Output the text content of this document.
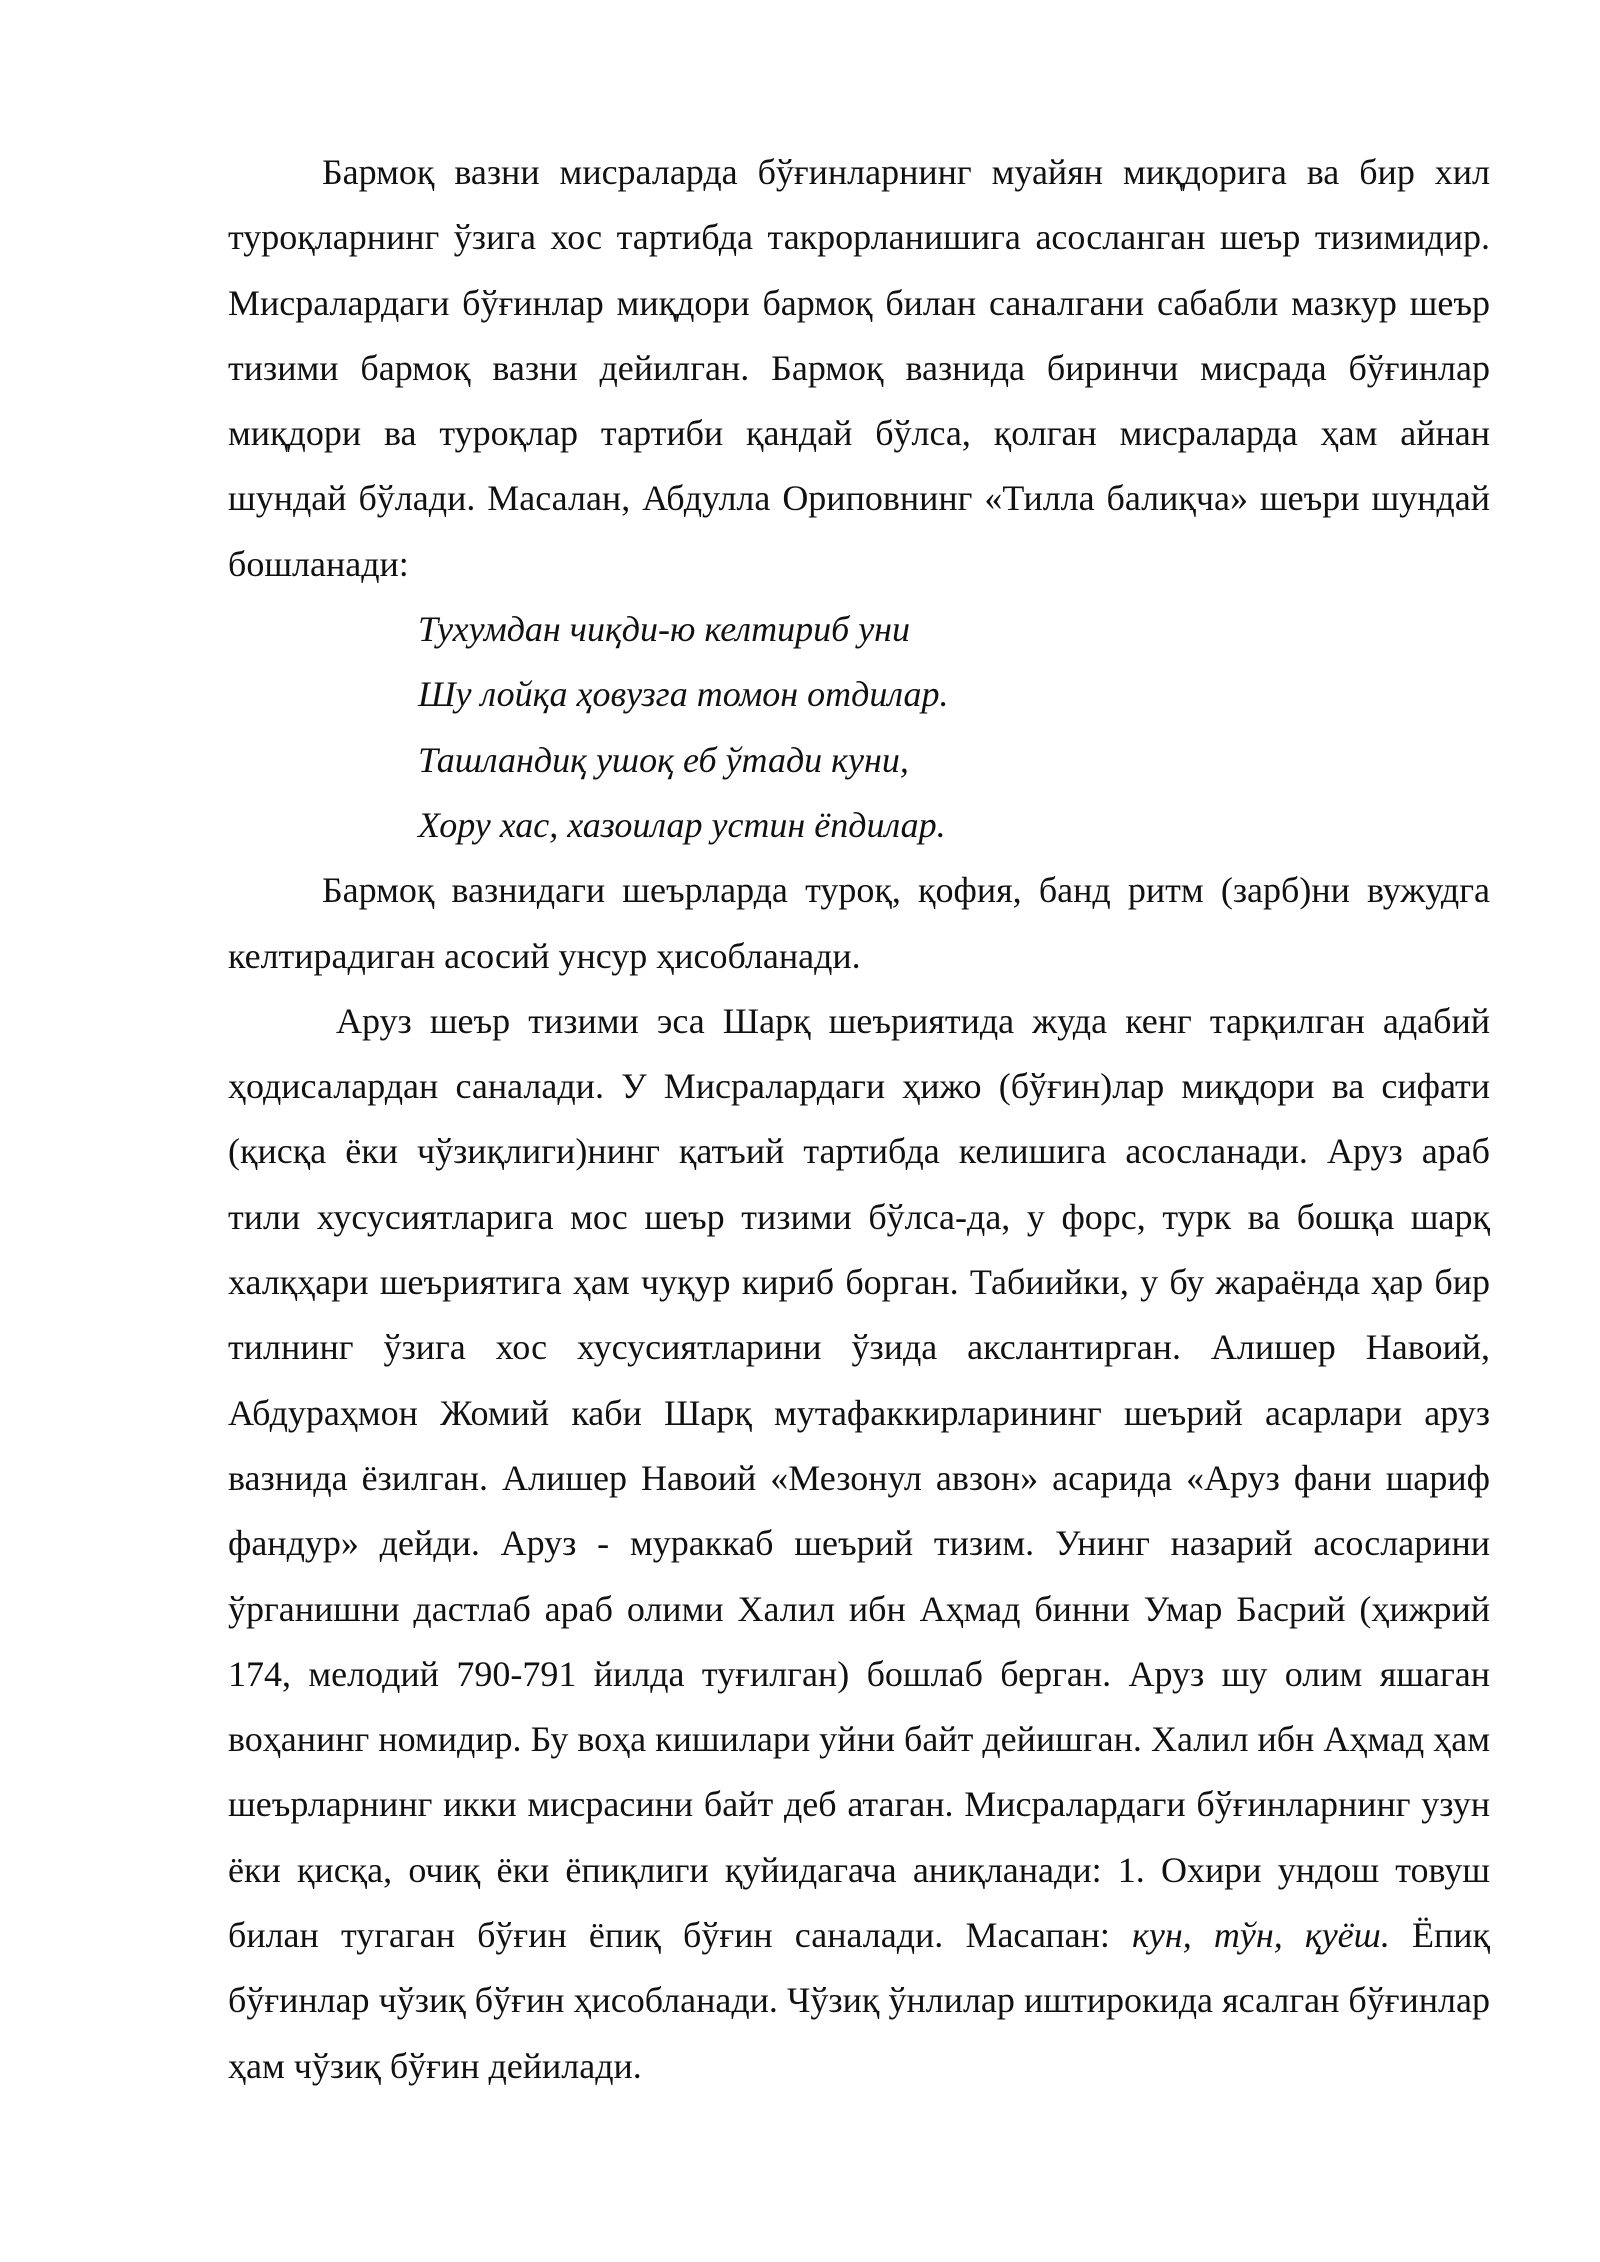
Бармоқ вазни мисраларда бўғинларнинг муайян миқдорига ва бир хил туроқларнинг ўзига хос тартибда такрорланишига асосланган шеър тизимидир. Мисралардаги бўғинлар миқдори бармоқ билан саналгани сабабли мазкур шеър тизими бармоқ вазни дейилган. Бармоқ вазнида биринчи мисрада бўғинлар миқдори ва туроқлар тартиби қандай бўлса, қолган мисраларда ҳам айнан шундай бўлади. Масалан, Абдулла Ориповнинг «Тилла балиқча» шеъри шундай бошланади:

Тухумдан чиқди-ю келтириб уни
Шу лойқа ҳовузга томон отдилар.
Ташландиқ ушоқ еб ўтади куни,
Хору хас, хазоилар устин ёпдилар.

Бармоқ вазнидаги шеърларда туроқ, қофия, банд ритм (зарб)ни вужудга келтирадиган асосий унсур ҳисобланади.

Аруз шеър тизими эса Шарқ шеъриятида жуда кенг тарқилган адабий ҳодисалардан саналади. У Мисралардаги ҳижо (бўғин)лар миқдори ва сифати (қисқа ёки чўзиқлиги)нинг қатъий тартибда келишига асосланади. Аруз араб тили хусусиятларига мос шеър тизими бўлса-да, у форс, турк ва бошқа шарқ халқҳари шеъриятига ҳам чуқур кириб борган. Табиийки, у бу жараёнда ҳар бир тилнинг ўзига хос хусусиятларини ўзида акслантирган. Алишер Навоий, Абдураҳмон Жомий каби Шарқ мутафаккирларининг шеърий асарлари аруз вазнида ёзилган. Алишер Навоий «Мезонул авзон» асарида «Аруз фани шариф фандур» дейди. Аруз - мураккаб шеърий тизим. Унинг назарий асосларини ўрганишни дастлаб араб олими Халил ибн Аҳмад бинни Умар Басрий (ҳижрий 174, мелодий 790-791 йилда туғилган) бошлаб берган. Аруз шу олим яшаган воҳанинг номидир. Бу воҳа кишилари уйни байт дейишган. Халил ибн Аҳмад ҳам шеърларнинг икки мисрасини байт деб атаган. Мисралардаги бўғинларнинг узун ёки қисқа, очиқ ёки ёпиқлиги қуйидагача аниқланади: 1. Охири ундош товуш билан тугаган бўғин ёпиқ бўғин саналади. Масапан: кун, тўн, қуёш. Ёпиқ бўғинлар чўзиқ бўғин ҳисобланади. Чўзиқ ўнлилар иштирокида ясалган бўғинлар ҳам чўзиқ бўғин дейилади.
